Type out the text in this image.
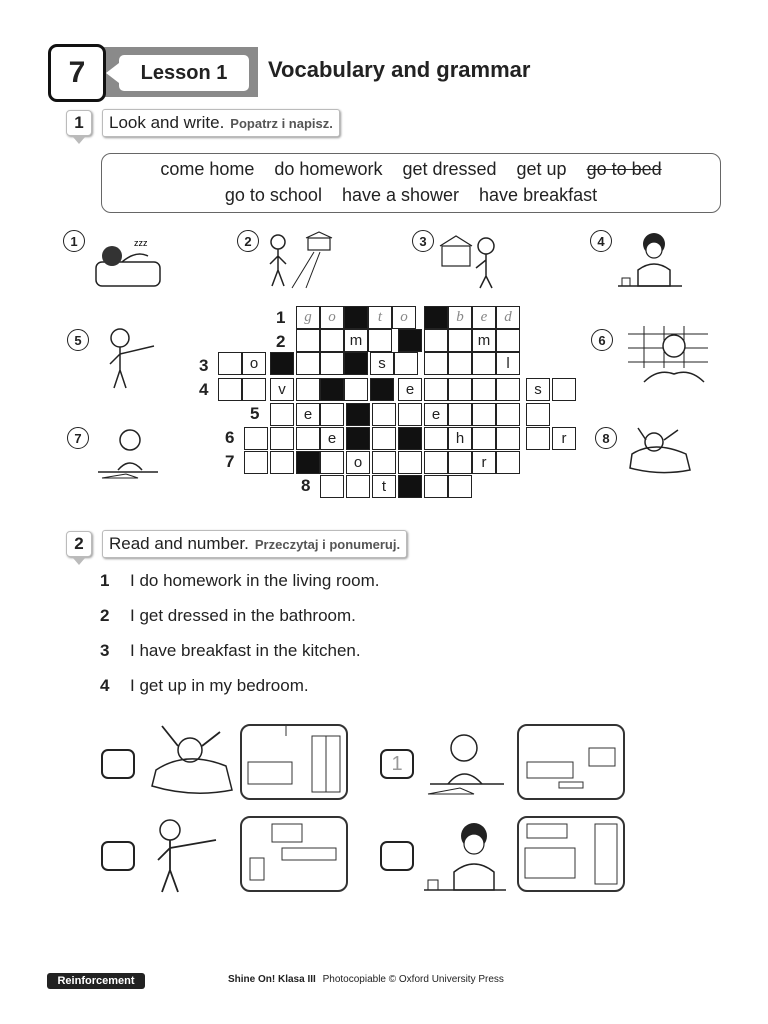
Lesson 1
7	Vocabulary and grammar
1	Look and write. Popatrz i napisz.
come home do homework get dressed get up go to bed
go to school have a shower have breakfast
1	2	3	4
5	6
7	8
zzz
1
2
3
4
5
6
7
8
g o	t o	b e d
m	m
o	s	l
v	e	s
e	e
e	h	r
o	r
t
2	Read and number. Przeczytaj i ponumeruj.
1 I do homework in the living room.
2 I get dressed in the bathroom.
3 I have breakfast in the kitchen.
4 I get up in my bedroom.
1
Reinforcement	Shine On! Klasa III Photocopiable © Oxford University Press
